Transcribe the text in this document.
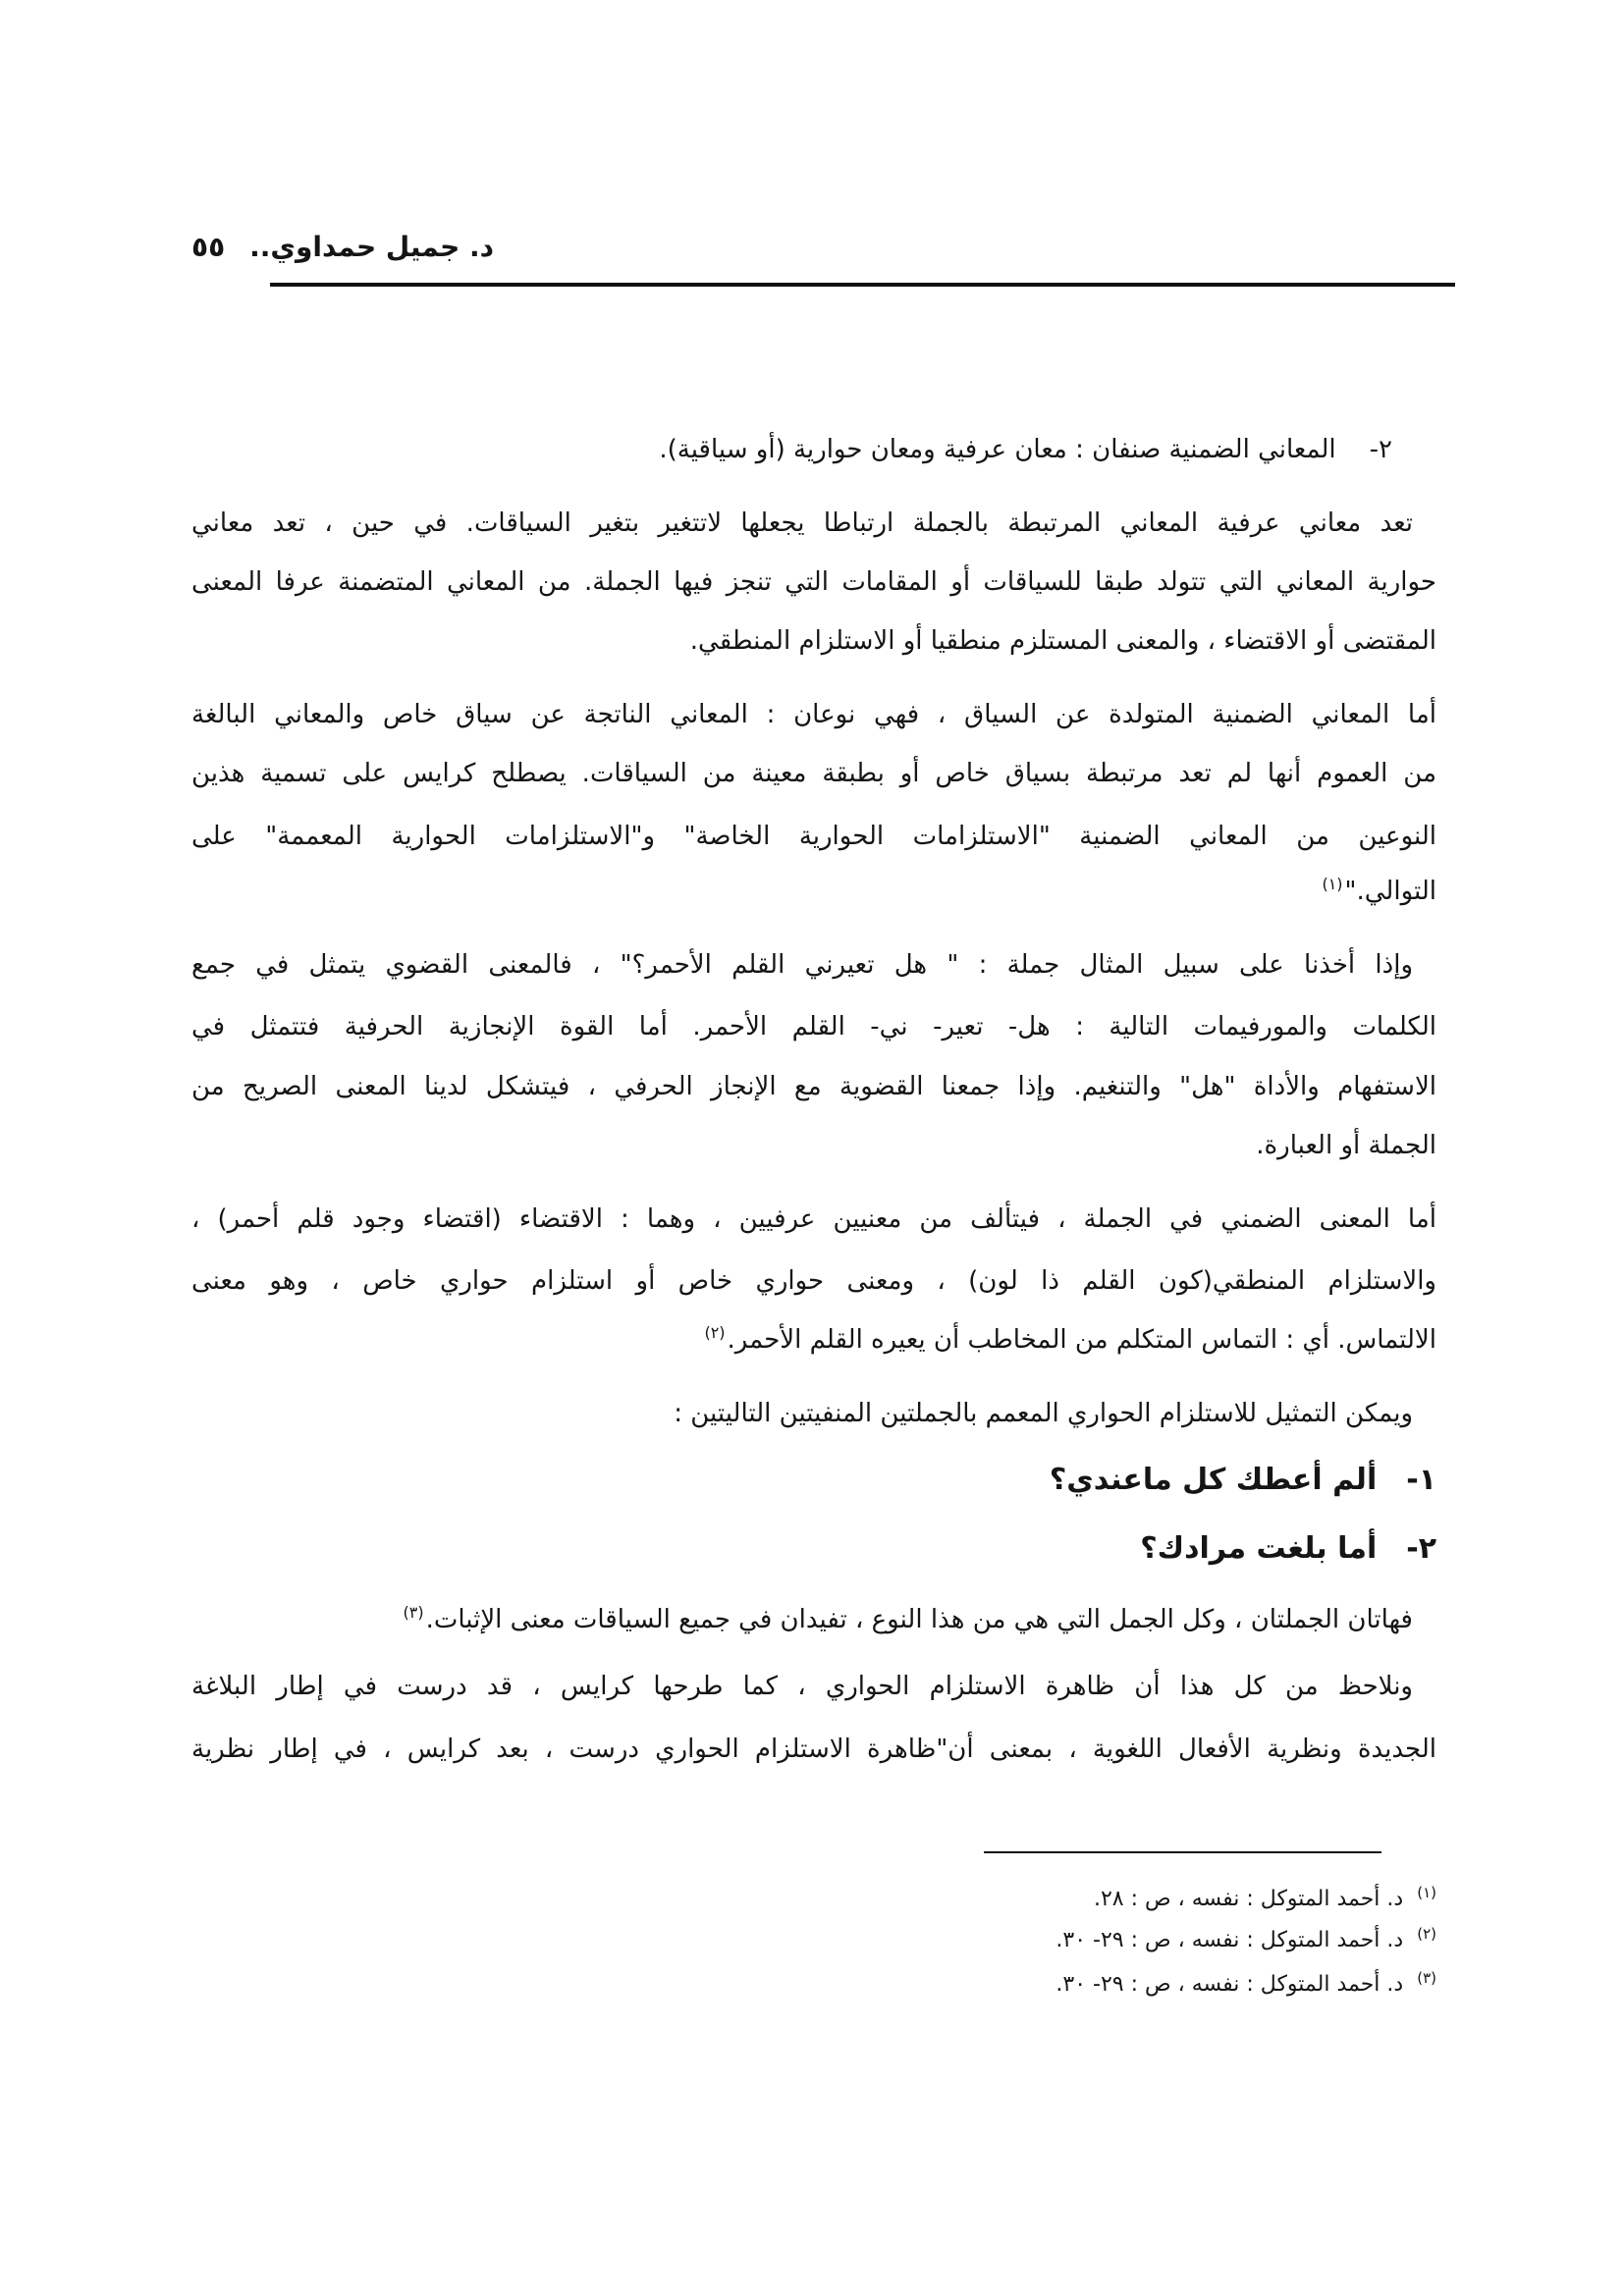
د. جميل حمداوي..
٥٥
٢-المعاني الضمنية صنفان : معان عرفية ومعان حوارية (أو سياقية).
تعد معاني عرفية المعاني المرتبطة بالجملة ارتباطا يجعلها لاتتغير بتغير السياقات. في حين ، تعد معاني
حوارية المعاني التي تتولد طبقا للسياقات أو المقامات التي تنجز فيها الجملة. من المعاني المتضمنة عرفا المعنى
المقتضى أو الاقتضاء ، والمعنى المستلزم منطقيا أو الاستلزام المنطقي.
أما المعاني الضمنية المتولدة عن السياق ، فهي نوعان : المعاني الناتجة عن سياق خاص والمعاني البالغة
من العموم أنها لم تعد مرتبطة بسياق خاص أو بطبقة معينة من السياقات. يصطلح كرايس على تسمية هذين
النوعين من المعاني الضمنية "الاستلزامات الحوارية الخاصة" و"الاستلزامات الحوارية المعممة" على
التوالي."$^{(١)}$
وإذا أخذنا على سبيل المثال جملة : " هل تعيرني القلم الأحمر؟" ، فالمعنى القضوي يتمثل في جمع
الكلمات والمورفيمات التالية : هل- تعير- ني- القلم الأحمر. أما القوة الإنجازية الحرفية فتتمثل في
الاستفهام والأداة "هل" والتنغيم. وإذا جمعنا القضوية مع الإنجاز الحرفي ، فيتشكل لدينا المعنى الصريح من
الجملة أو العبارة.
أما المعنى الضمني في الجملة ، فيتألف من معنيين عرفيين ، وهما : الاقتضاء (اقتضاء وجود قلم أحمر) ،
والاستلزام المنطقي(كون القلم ذا لون) ، ومعنى حواري خاص أو استلزام حواري خاص ، وهو معنى
الالتماس. أي : التماس المتكلم من المخاطب أن يعيره القلم الأحمر.$^{(٢)}$
ويمكن التمثيل للاستلزام الحواري المعمم بالجملتين المنفيتين التاليتين :
١-ألم أعطك كل ماعندي؟
٢-أما بلغت مرادك؟
فهاتان الجملتان ، وكل الجمل التي هي من هذا النوع ، تفيدان في جميع السياقات معنى الإثبات.$^{(٣)}$
ونلاحظ من كل هذا أن ظاهرة الاستلزام الحواري ، كما طرحها كرايس ، قد درست في إطار البلاغة
الجديدة ونظرية الأفعال اللغوية ، بمعنى أن"ظاهرة الاستلزام الحواري درست ، بعد كرايس ، في إطار نظرية
(١)د. أحمد المتوكل : نفسه ، ص : ٢٨.
(٢)د. أحمد المتوكل : نفسه ، ص : ٢٩- ٣٠.
(٣)د. أحمد المتوكل : نفسه ، ص : ٢٩- ٣٠.
